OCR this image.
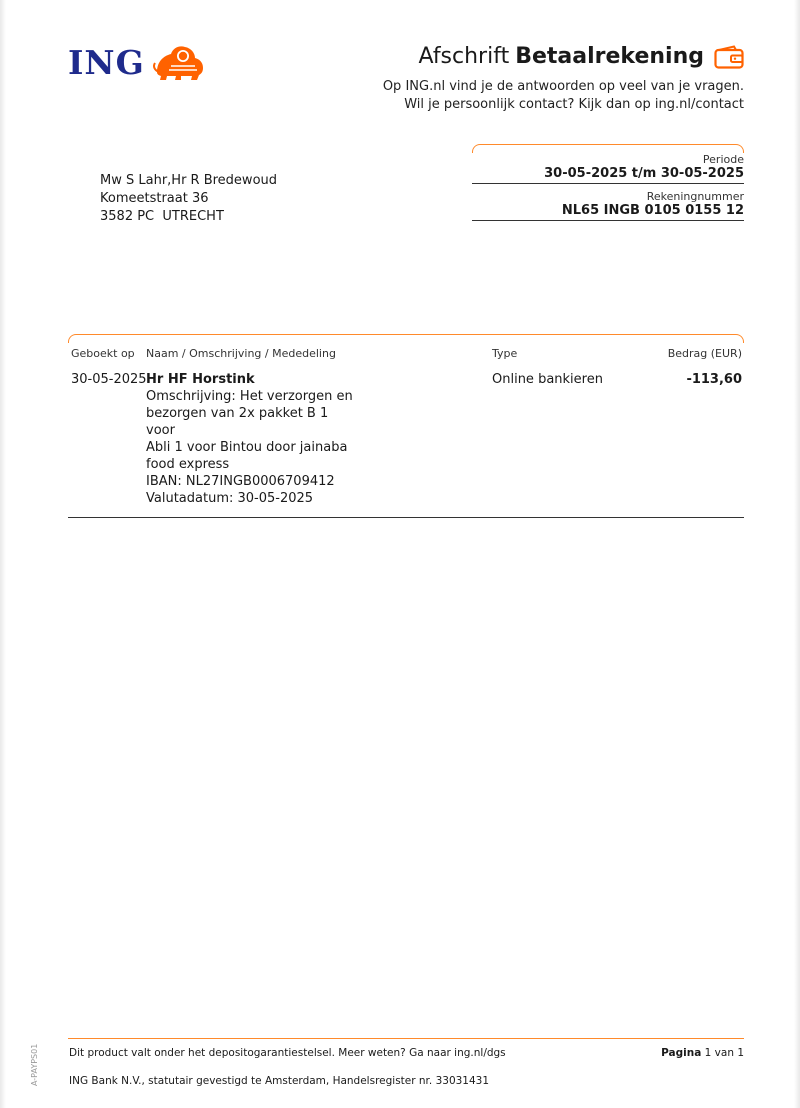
ING	Afschrift Betaalrekening
Op ING.nl vind je de antwoorden op veel van je vragen.
Wil je persoonlijk contact? Kijk dan op ing.nl/contact
Mw S Lahr,Hr R Bredewoud
Komeetstraat 36
3582 PC  UTRECHT
Periode
30-05-2025 t/m 30-05-2025
Rekeningnummer
NL65 INGB 0105 0155 12
Geboekt op Naam / Omschrijving / Mededeling	Type	Bedrag (EUR)
30-05-2025 Hr HF Horstink
Omschrijving: Het verzorgen en
bezorgen van 2x pakket B 1 voor
Abli 1 voor Bintou door jainaba
food express
IBAN: NL27INGB0006709412
Valutadatum: 30-05-2025
Online bankieren	-113,60
A-PAYPS01	Dit product valt onder het depositogarantiestelsel. Meer weten? Ga naar ing.nl/dgs	Pagina 1 van 1
ING Bank N.V., statutair gevestigd te Amsterdam, Handelsregister nr. 33031431
